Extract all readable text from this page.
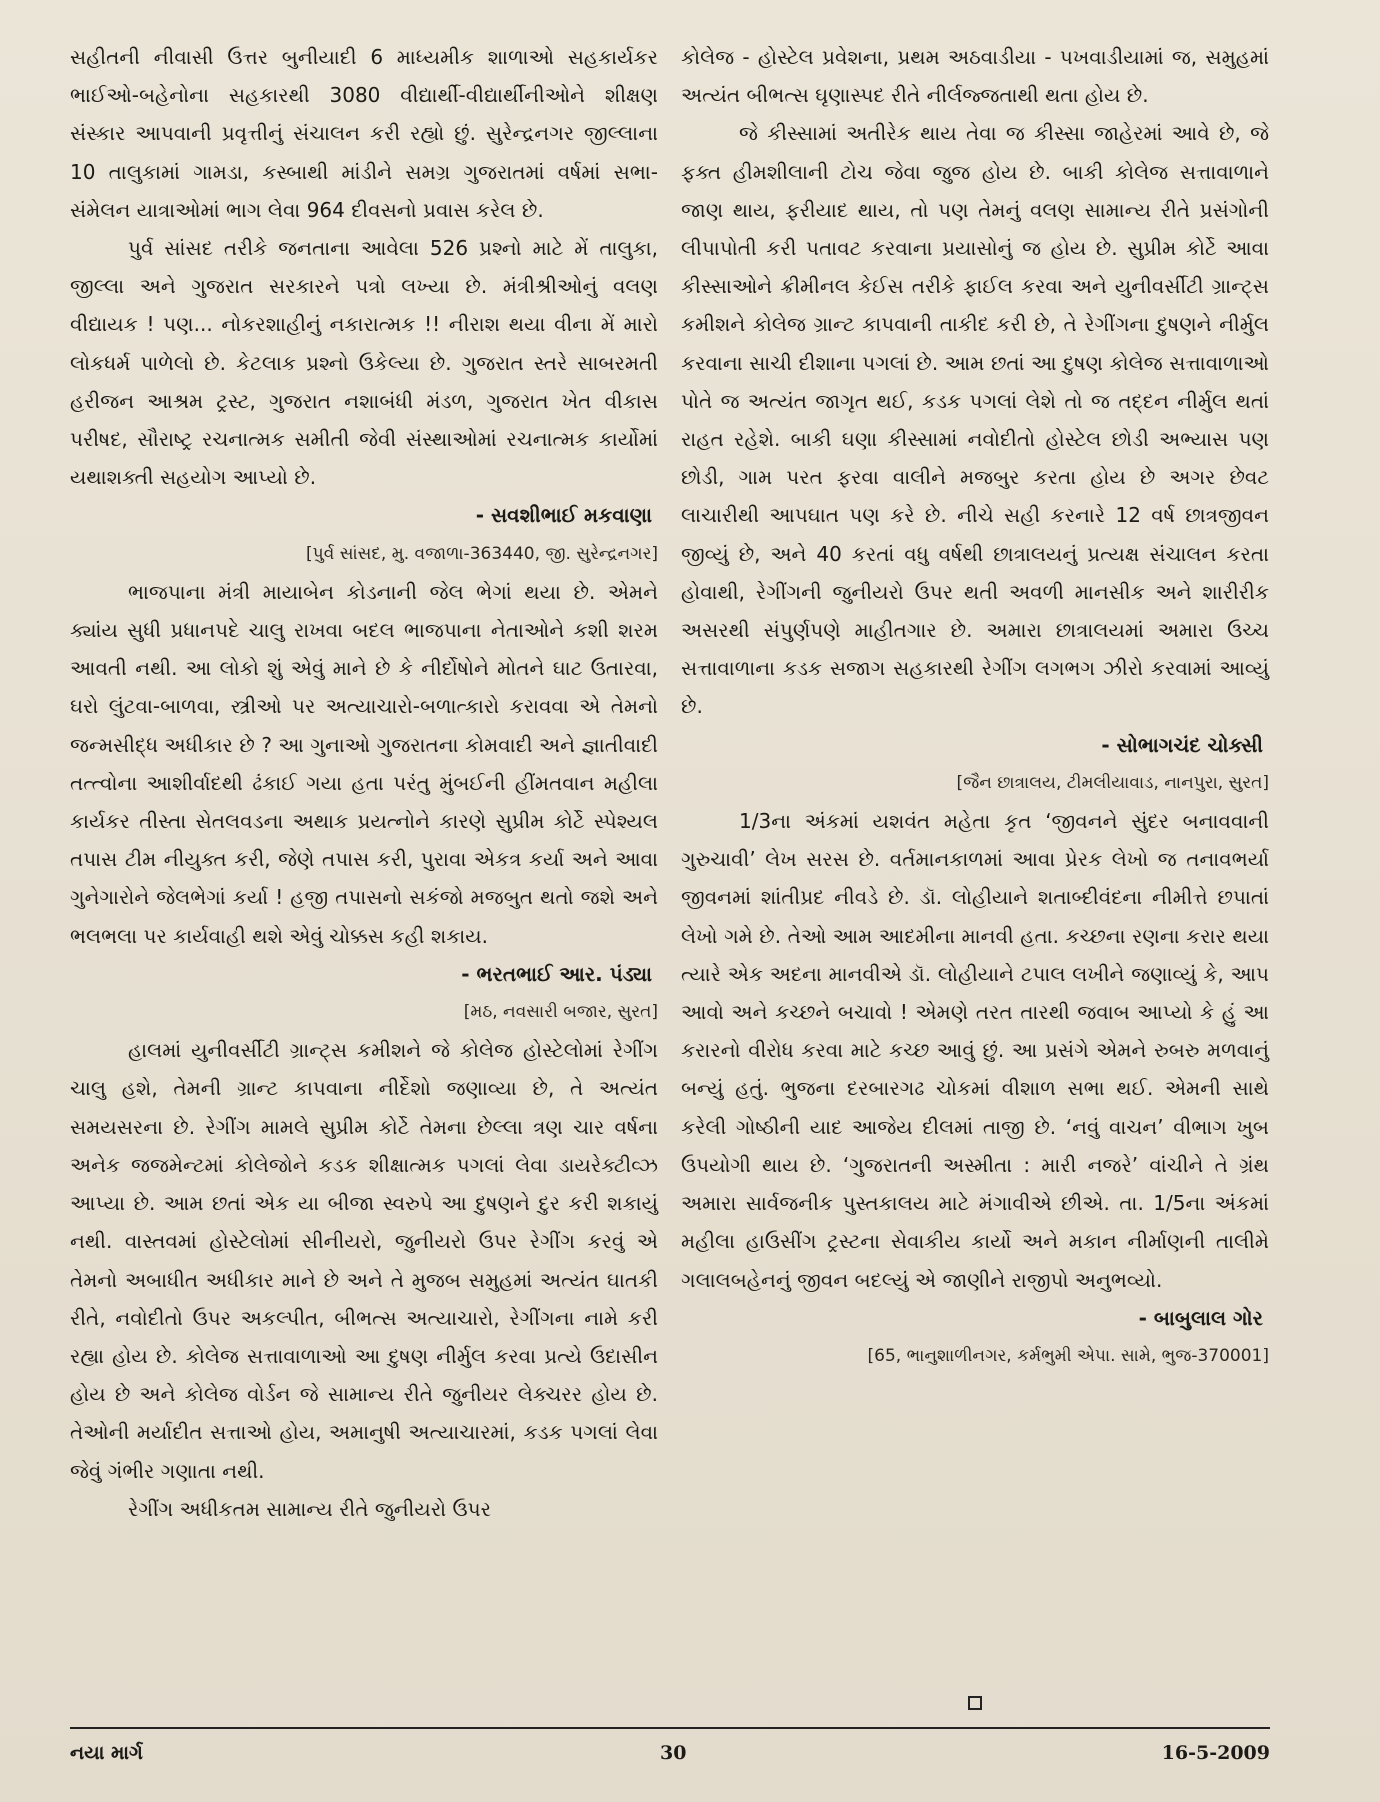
સહીતની નીવાસી ઉત્તર બુનીયાદી 6 માધ્યમીક શાળાઓ સહકાર્યકર ભાઈઓ-બહેનોના સહકારથી 3080 વીદ્યાર્થી-વીદ્યાર્થીનીઓને શીક્ષણ સંસ્કાર આપવાની પ્રવૃત્તીનું સંચાલન કરી રહ્યો છું. સુરેન્દ્રનગર જીલ્લાના 10 તાલુકામાં ગામડા, કસ્બાથી માંડીને સમગ્ર ગુજરાતમાં વર્ષમાં સભા-સંમેલન યાત્રાઓમાં ભાગ લેવા 964 દીવસનો પ્રવાસ કરેલ છે.

પુર્વ સાંસદ તરીકે જનતાના આવેલા 526 પ્રશ્નો માટે મેં તાલુકા, જીલ્લા અને ગુજરાત સરકારને પત્રો લખ્યા છે. મંત્રીશ્રીઓનું વલણ વીદ્યાયક ! પણ... નોકરશાહીનું નકારાત્મક !! નીરાશ થયા વીના મેં મારો લોકધર્મ પાળેલો છે. કેટલાક પ્રશ્નો ઉકેલ્યા છે. ગુજરાત સ્તરે સાબરમતી હરીજન આશ્રમ ટ્રસ્ટ, ગુજરાત નશાબંધી મંડળ, ગુજરાત ખેત વીકાસ પરીષદ, સૌરાષ્ટ્ર રચનાત્મક સમીતી જેવી સંસ્થાઓમાં રચનાત્મક કાર્યોમાં યથાશક્તી સહયોગ આપ્યો છે.

- સવશીભાઈ મકવાણા

[પુર્વ સાંસદ, મુ. વજાળા-363440, જી. સુરેન્દ્રનગર]

ભાજપાના મંત્રી માયાબેન કોડનાની જેલ ભેગાં થયા છે. એમને ક્યાંય સુધી પ્રધાનપદે ચાલુ રાખવા બદલ ભાજપાના નેતાઓને કશી શરમ આવતી નથી. આ લોકો શું એવું માને છે કે નીર્દોષોને મોતને ઘાટ ઉતારવા, ઘરો લુંટવા-બાળવા, સ્ત્રીઓ પર અત્યાચારો-બળાત્કારો કરાવવા એ તેમનો જન્મસીદ્ધ અધીકાર છે ? આ ગુનાઓ ગુજરાતના કોમવાદી અને જ્ઞાતીવાદી તત્ત્વોના આશીર્વાદથી ઢંકાઈ ગયા હતા પરંતુ મુંબઈની હીંમતવાન મહીલા કાર્યકર તીસ્તા સેતલવડના અથાક પ્રયત્નોને કારણે સુપ્રીમ કોર્ટે સ્પેશ્યલ તપાસ ટીમ નીયુક્ત કરી, જેણે તપાસ કરી, પુરાવા એકત્ર કર્યા અને આવા ગુનેગારોને જેલભેગાં કર્યા ! હજી તપાસનો સકંજો મજબુત થતો જશે અને ભલભલા પર કાર્યવાહી થશે એવું ચોક્કસ કહી શકાય.

- ભરતભાઈ આર. પંડ્યા

[મઠ, નવસારી બજાર, સુરત]

હાલમાં યુનીવર્સીટી ગ્રાન્ટ્સ કમીશને જે કોલેજ હોસ્ટેલોમાં રેગીંગ ચાલુ હશે, તેમની ગ્રાન્ટ કાપવાના નીર્દેશો જણાવ્યા છે, તે અત્યંત સમયસરના છે. રેગીંગ મામલે સુપ્રીમ કોર્ટે તેમના છેલ્લા ત્રણ ચાર વર્ષના અનેક જજમેન્ટમાં કોલેજોને કડક શીક્ષાત્મક પગલાં લેવા ડાયરેક્ટીવ્ઝ આપ્યા છે. આમ છતાં એક યા બીજા સ્વરુપે આ દુષણને દુર કરી શકાયું નથી. વાસ્તવમાં હોસ્ટેલોમાં સીનીયરો, જુનીયરો ઉપર રેગીંગ કરવું એ તેમનો અબાધીત અધીકાર માને છે અને તે મુજબ સમુહમાં અત્યંત ઘાતકી રીતે, નવોદીતો ઉપર અકલ્પીત, બીભત્સ અત્યાચારો, રેગીંગના નામે કરી રહ્યા હોય છે. કોલેજ સત્તાવાળાઓ આ દુષણ નીર્મુલ કરવા પ્રત્યે ઉદાસીન હોય છે અને કોલેજ વોર્ડન જે સામાન્ય રીતે જુનીયર લેક્ચરર હોય છે. તેઓની મર્યાદીત સત્તાઓ હોય, અમાનુષી અત્યાચારમાં, કડક પગલાં લેવા જેવું ગંભીર ગણાતા નથી.

રેગીંગ અધીકતમ સામાન્ય રીતે જુનીયરો ઉપર

કોલેજ - હોસ્ટેલ પ્રવેશના, પ્રથમ અઠવાડીયા - પખવાડીયામાં જ, સમુહમાં અત્યંત બીભત્સ ઘૃણાસ્પદ રીતે નીર્લજ્જતાથી થતા હોય છે.

જે કીસ્સામાં અતીરેક થાય તેવા જ કીસ્સા જાહેરમાં આવે છે, જે ફક્ત હીમશીલાની ટોચ જેવા જુજ હોય છે. બાકી કોલેજ સત્તાવાળાને જાણ થાય, ફરીયાદ થાય, તો પણ તેમનું વલણ સામાન્ય રીતે પ્રસંગોની લીપાપોતી કરી પતાવટ કરવાના પ્રયાસોનું જ હોય છે. સુપ્રીમ કોર્ટે આવા કીસ્સાઓને ક્રીમીનલ કેઈસ તરીકે ફાઈલ કરવા અને યુનીવર્સીટી ગ્રાન્ટ્સ કમીશને કોલેજ ગ્રાન્ટ કાપવાની તાકીદ કરી છે, તે રેગીંગના દુષણને નીર્મુલ કરવાના સાચી દીશાના પગલાં છે. આમ છતાં આ દુષણ કોલેજ સત્તાવાળાઓ પોતે જ અત્યંત જાગૃત થઈ, કડક પગલાં લેશે તો જ તદ્દન નીર્મુલ થતાં રાહત રહેશે. બાકી ઘણા કીસ્સામાં નવોદીતો હોસ્ટેલ છોડી અભ્યાસ પણ છોડી, ગામ પરત ફરવા વાલીને મજબુર કરતા હોય છે અગર છેવટ લાચારીથી આપઘાત પણ કરે છે. નીચે સહી કરનારે 12 વર્ષ છાત્રજીવન જીવ્યું છે, અને 40 કરતાં વધુ વર્ષથી છાત્રાલયનું પ્રત્યક્ષ સંચાલન કરતા હોવાથી, રેગીંગની જુનીયરો ઉપર થતી અવળી માનસીક અને શારીરીક અસરથી સંપુર્ણપણે માહીતગાર છે. અમારા છાત્રાલયમાં અમારા ઉચ્ચ સત્તાવાળાના કડક સજાગ સહકારથી રેગીંગ લગભગ ઝીરો કરવામાં આવ્યું છે.

- સોભાગચંદ ચોક્સી

[જૈન છાત્રાલય, ટીમલીયાવાડ, નાનપુરા, સુરત]

1/3ના અંકમાં યશવંત મહેતા કૃત ‘જીવનને સુંદર બનાવવાની ગુરુચાવી’ લેખ સરસ છે. વર્તમાનકાળમાં આવા પ્રેરક લેખો જ તનાવભર્યા જીવનમાં શાંતીપ્રદ નીવડે છે. ડૉ. લોહીયાને શતાબ્દીવંદના નીમીત્તે છપાતાં લેખો ગમે છે. તેઓ આમ આદમીના માનવી હતા. કચ્છના રણના કરાર થયા ત્યારે એક અદના માનવીએ ડૉ. લોહીયાને ટપાલ લખીને જણાવ્યું કે, આપ આવો અને કચ્છને બચાવો ! એમણે તરત તારથી જવાબ આપ્યો કે હું આ કરારનો વીરોધ કરવા માટે કચ્છ આવું છું. આ પ્રસંગે એમને રુબરુ મળવાનું બન્યું હતું. ભુજના દરબારગઢ ચોકમાં વીશાળ સભા થઈ. એમની સાથે કરેલી ગોષ્ઠીની યાદ આજેય દીલમાં તાજી છે. ‘નવું વાચન’ વીભાગ ખુબ ઉપયોગી થાય છે. ‘ગુજરાતની અસ્મીતા : મારી નજરે’ વાંચીને તે ગ્રંથ અમારા સાર્વજનીક પુસ્તકાલય માટે મંગાવીએ છીએ. તા. 1/5ના અંકમાં મહીલા હાઉસીંગ ટ્રસ્ટના સેવાકીય કાર્યો અને મકાન નીર્માણની તાલીમે ગલાલબહેનનું જીવન બદલ્યું એ જાણીને રાજીપો અનુભવ્યો.

- બાબુલાલ ગોર

[65, ભાનુશાળીનગર, કર્મભુમી એપા. સામે, ભુજ-370001]

નયા માર્ગ	30	16-5-2009
